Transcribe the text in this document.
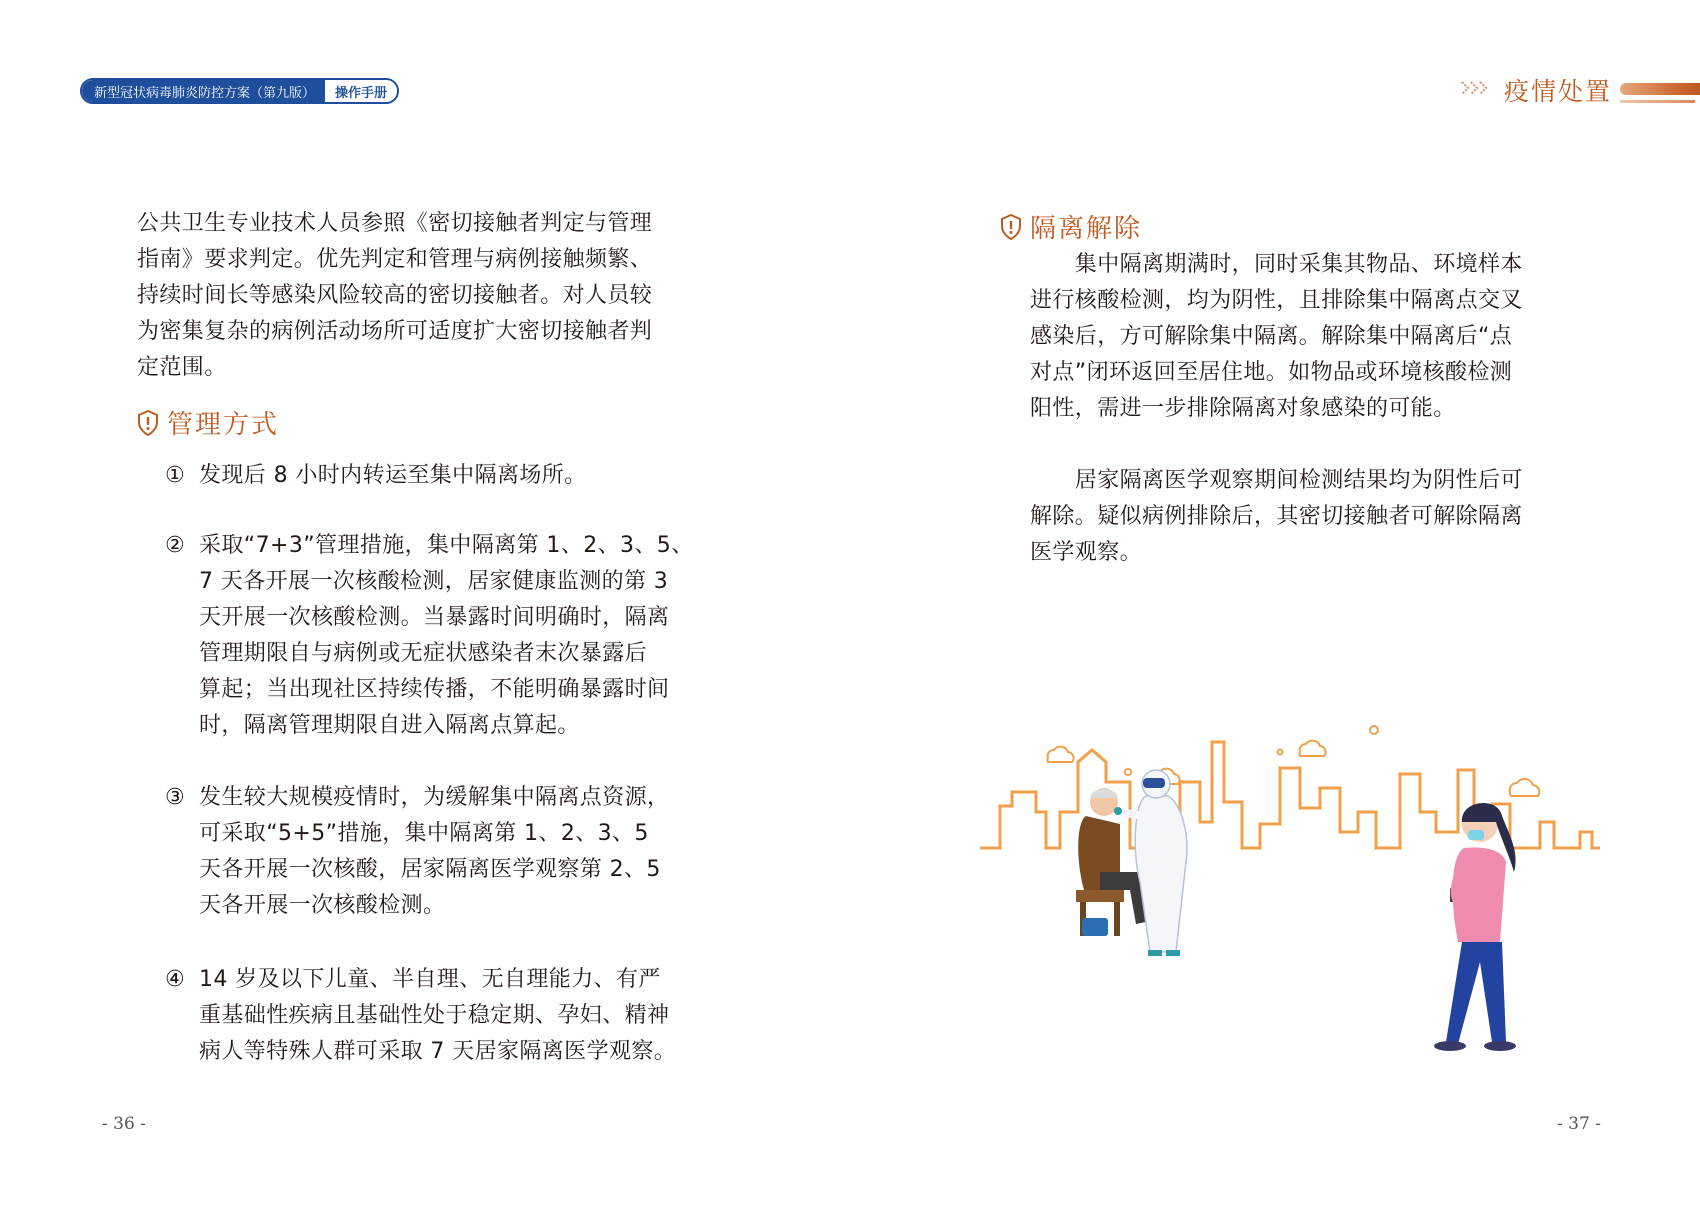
新型冠状病毒肺炎防控方案（第九版）	操作手册
公共卫生专业技术人员参照《密切接触者判定与管理
指南》要求判定。优先判定和管理与病例接触频繁、
持续时间长等感染风险较高的密切接触者。对人员较
为密集复杂的病例活动场所可适度扩大密切接触者判
定范围。
管理方式
① 发现后 8 小时内转运至集中隔离场所。
② 采取“7+3”管理措施，集中隔离第 1、2、3、5、
7 天各开展一次核酸检测，居家健康监测的第 3
天开展一次核酸检测。当暴露时间明确时，隔离
管理期限自与病例或无症状感染者末次暴露后
算起；当出现社区持续传播，不能明确暴露时间
时，隔离管理期限自进入隔离点算起。
③ 发生较大规模疫情时，为缓解集中隔离点资源，
可采取“5+5”措施，集中隔离第 1、2、3、5
天各开展一次核酸，居家隔离医学观察第 2、5
天各开展一次核酸检测。
④ 14 岁及以下儿童、半自理、无自理能力、有严
重基础性疾病且基础性处于稳定期、孕妇、精神
病人等特殊人群可采取 7 天居家隔离医学观察。
- 36 -
疫情处置
隔离解除
　　集中隔离期满时，同时采集其物品、环境样本
进行核酸检测，均为阴性，且排除集中隔离点交叉
感染后，方可解除集中隔离。解除集中隔离后“点
对点”闭环返回至居住地。如物品或环境核酸检测
阳性，需进一步排除隔离对象感染的可能。
　　居家隔离医学观察期间检测结果均为阴性后可
解除。疑似病例排除后，其密切接触者可解除隔离
医学观察。
- 37 -
